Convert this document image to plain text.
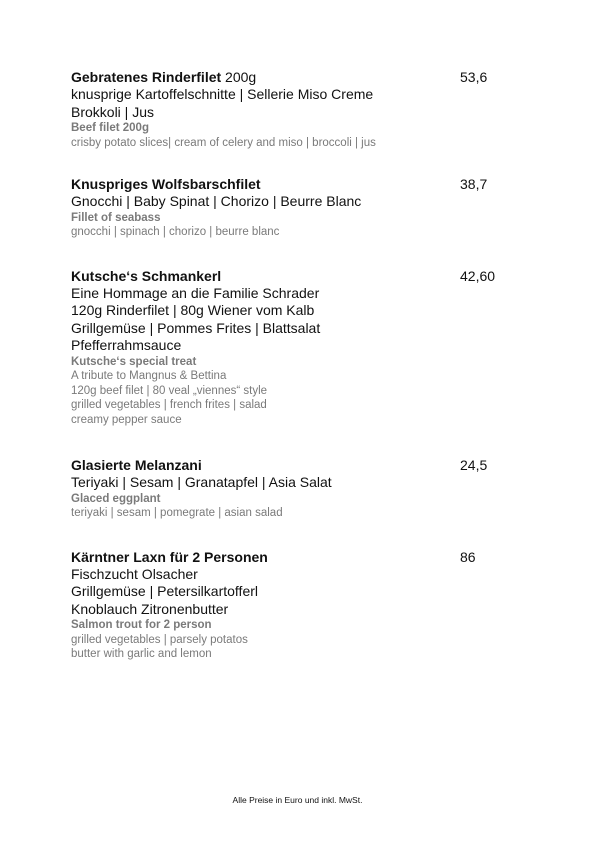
Gebratenes Rinderfilet 200g	53,6

knusprige Kartoffelschnitte | Sellerie Miso Creme

Brokkoli | Jus

Beef filet 200g

crisby potato slices| cream of celery and miso | broccoli | jus

Knuspriges Wolfsbarschfilet	38,7

Gnocchi | Baby Spinat | Chorizo | Beurre Blanc

Fillet of seabass

gnocchi | spinach | chorizo | beurre blanc

Kutsche‘s Schmankerl	42,60

Eine Hommage an die Familie Schrader

120g Rinderfilet | 80g Wiener vom Kalb

Grillgemüse | Pommes Frites | Blattsalat

Pfefferrahmsauce

Kutsche‘s special treat

A tribute to Mangnus & Bettina

120g beef filet | 80 veal „viennes“ style

grilled vegetables | french frites | salad

creamy pepper sauce

Glasierte Melanzani	24,5

Teriyaki | Sesam | Granatapfel | Asia Salat

Glaced eggplant

teriyaki | sesam | pomegrate | asian salad

Kärntner Laxn für 2 Personen	86

Fischzucht Olsacher

Grillgemüse | Petersilkartofferl

Knoblauch Zitronenbutter

Salmon trout for 2 person

grilled vegetables | parsely potatos

butter with garlic and lemon

Alle Preise in Euro und inkl. MwSt.
